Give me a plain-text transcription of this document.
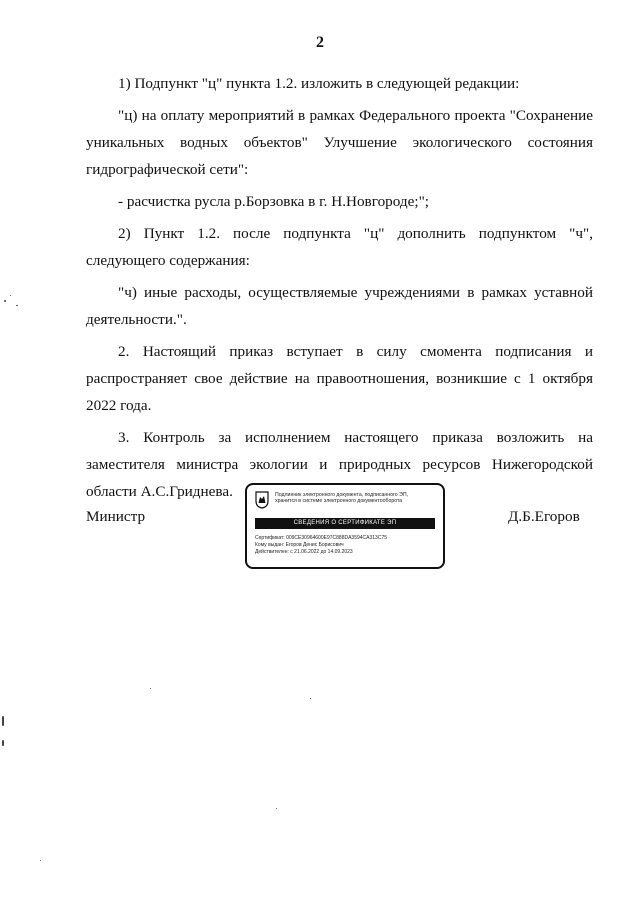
2

1) Подпункт "ц" пункта 1.2. изложить в следующей редакции:

"ц) на оплату мероприятий в рамках Федерального проекта "Сохранение уникальных водных объектов" Улучшение экологического состояния гидрографической сети":

- расчистка русла р.Борзовка в г. Н.Новгороде;";

2) Пункт 1.2. после подпункта "ц" дополнить подпунктом "ч", следующего содержания:

"ч) иные расходы, осуществляемые учреждениями в рамках уставной деятельности.".

2. Настоящий приказ вступает в силу смомента подписания и распространяет свое действие на правоотношения, возникшие с 1 октября 2022 года.

3. Контроль за исполнением настоящего приказа возложить на заместителя министра экологии и природных ресурсов Нижегородской области А.С.Гриднева.

Министр
Подлинник электронного документа, подписанного ЭП,
хранится в системе электронного документооборота
СВЕДЕНИЯ О СЕРТИФИКАТЕ ЭП
Сертификат: 009CE30964600E97C888DA3594CA313C75
Кому выдан: Егоров Денис Борисович
Действителен: с 21.06.2022 до 14.09.2023
Д.Б.Егоров
